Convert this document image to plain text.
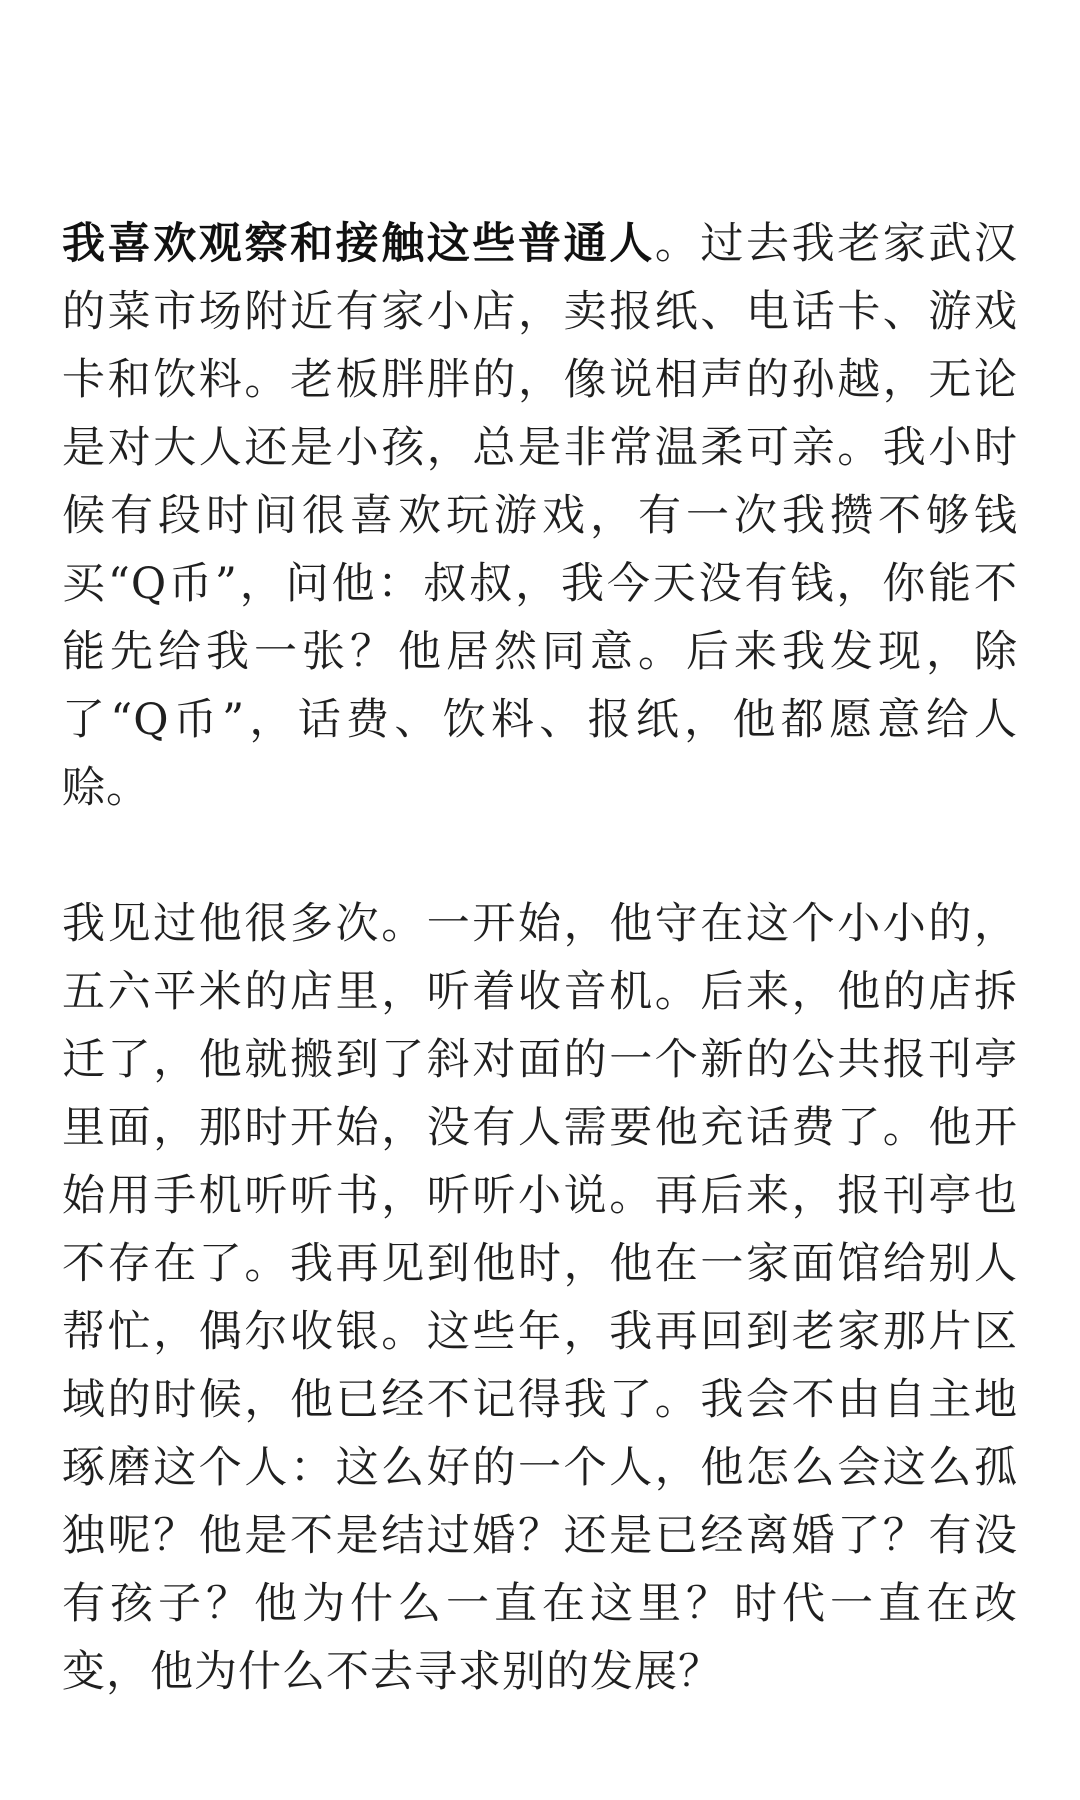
我喜欢观察和接触这些普通人。过去我老家武汉的菜市场附近有家小店，卖报纸、电话卡、游戏卡和饮料。老板胖胖的，像说相声的孙越，无论是对大人还是小孩，总是非常温柔可亲。我小时候有段时间很喜欢玩游戏，有一次我攒不够钱买“Q币”，问他：叔叔，我今天没有钱，你能不能先给我一张？他居然同意。后来我发现，除了“Q币”，话费、饮料、报纸，他都愿意给人赊。

我见过他很多次。一开始，他守在这个小小的，五六平米的店里，听着收音机。后来，他的店拆迁了，他就搬到了斜对面的一个新的公共报刊亭里面，那时开始，没有人需要他充话费了。他开始用手机听听书，听听小说。再后来，报刊亭也不存在了。我再见到他时，他在一家面馆给别人帮忙，偶尔收银。这些年，我再回到老家那片区域的时候，他已经不记得我了。我会不由自主地琢磨这个人：这么好的一个人，他怎么会这么孤独呢？他是不是结过婚？还是已经离婚了？有没有孩子？他为什么一直在这里？时代一直在改变，他为什么不去寻求别的发展？
